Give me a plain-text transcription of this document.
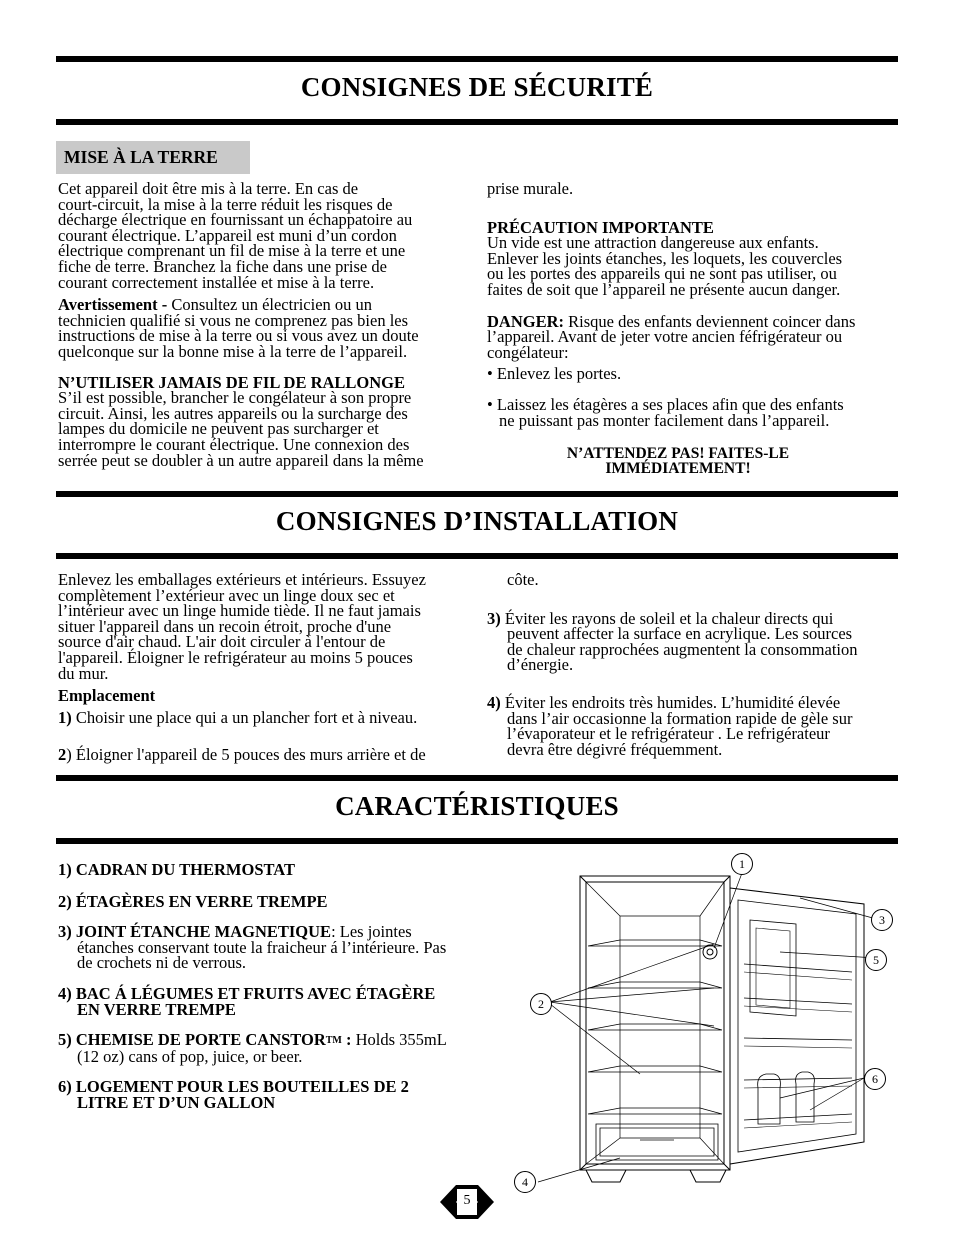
CONSIGNES DE SÉCURITÉ
MISE À LA TERRE

Cet appareil doit être mis à la terre. En cas de
court-circuit, la mise à la terre réduit les risques de
décharge électrique en fournissant un échappatoire au
courant électrique. L’appareil est muni d’un cordon
électrique comprenant un fil de mise à la terre et une
fiche de terre. Branchez la fiche dans une prise de
courant correctement installée et mise à la terre.

Avertissement - Consultez un électricien ou un
technicien qualifié si vous ne comprenez pas bien les
instructions de mise à la terre ou si vous avez un doute
quelconque sur la bonne mise à la terre de l’appareil.

N’UTILISER JAMAIS DE FIL DE RALLONGE
S’il est possible, brancher le congélateur à son propre
circuit. Ainsi, les autres appareils ou la surcharge des
lampes du domicile ne peuvent pas surcharger et
interrompre le courant électrique. Une connexion des
serrée peut se doubler à un autre appareil dans la même

prise murale.

PRÉCAUTION IMPORTANTE
Un vide est une attraction dangereuse aux enfants.
Enlever les joints étanches, les loquets, les couvercles
ou les portes des appareils qui ne sont pas utiliser, ou
faites de soit que l’appareil ne présente aucun danger.

DANGER: Risque des enfants deviennent coincer dans
l’appareil. Avant de jeter votre ancien féfrigérateur ou
congélateur:

• Enlevez les portes.

• Laissez les étagères a ses places afin que des enfants
ne puissant pas monter facilement dans l’appareil.

N’ATTENDEZ PAS! FAITES-LE
IMMÉDIATEMENT!

CONSIGNES D’INSTALLATION

Enlevez les emballages extérieurs et intérieurs. Essuyez
complètement l’extérieur avec un linge doux sec et
l’intérieur avec un linge humide tiède. Il ne faut jamais
situer l'appareil dans un recoin étroit, proche d'une
source d'air chaud. L'air doit circuler à l'entour de
l'appareil. Éloigner le refrigérateur au moins 5 pouces
du mur.

Emplacement

1) Choisir une place qui a un plancher fort et à niveau.

2) Éloigner l'appareil de 5 pouces des murs arrière et de

côte.

3) Éviter les rayons de soleil et la chaleur directs qui
peuvent affecter la surface en acrylique. Les sources
de chaleur rapprochées augmentent la consommation
d’énergie.

4) Éviter les endroits très humides. L’humidité élevée
dans l’air occasionne la formation rapide de gèle sur
l’évaporateur et le refrigérateur . Le refrigérateur
devra être dégivré fréquemment.

CARACTÉRISTIQUES

1) CADRAN DU THERMOSTAT

2) ÉTAGÈRES EN VERRE TREMPE

3) JOINT ÉTANCHE MAGNETIQUE: Les jointes
étanches conservant toute la fraicheur á l’intérieure. Pas
de crochets ni de verrous.

4) BAC Á LÉGUMES ET FRUITS AVEC ÉTAGÈRE
EN VERRE TREMPE

5) CHEMISE DE PORTE CANSTORTM : Holds 355mL
(12 oz) cans of pop, juice, or beer.

6) LOGEMENT POUR LES BOUTEILLES DE 2
LITRE ET D’UN GALLON

1
2
3
4
5
6
5
